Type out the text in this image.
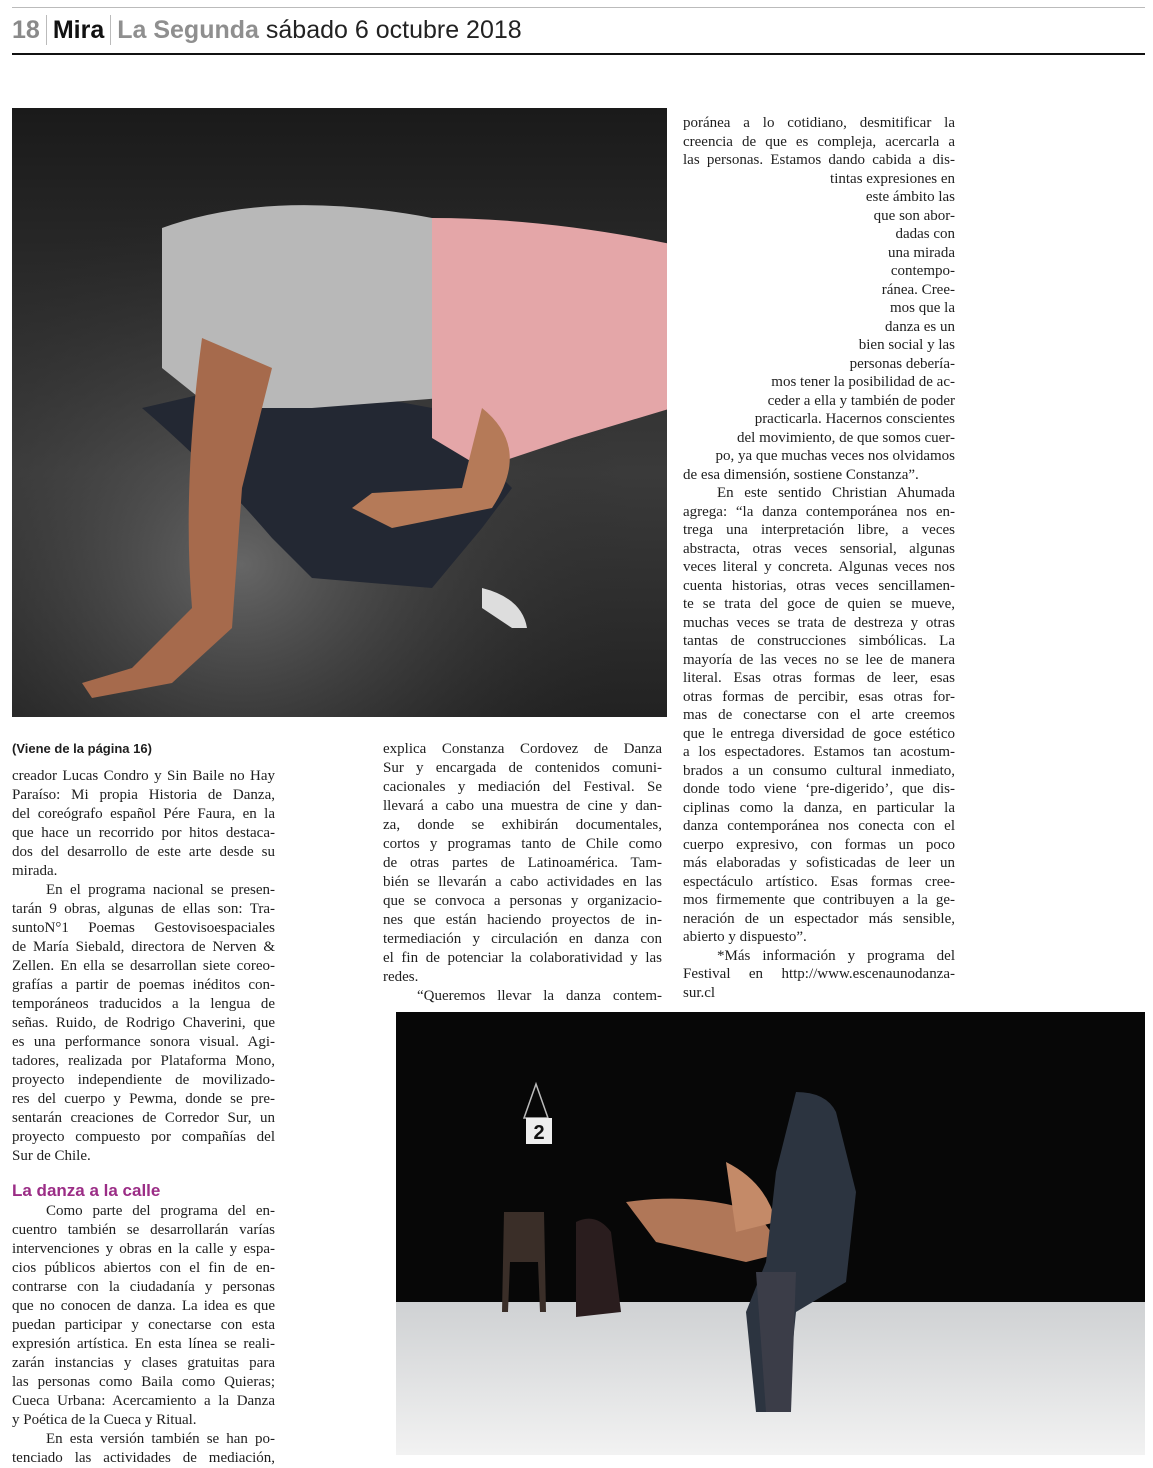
18 Mira La Segunda sábado 6 octubre 2018
(Viene de la página 16)
creador Lucas Condro y Sin Baile no Hay
Paraíso: Mi propia Historia de Danza,
del coreógrafo español Pére Faura, en la
que hace un recorrido por hitos destaca-
dos del desarrollo de este arte desde su
mirada.
En el programa nacional se presen-
tarán 9 obras, algunas de ellas son: Tra-
suntoN°1 Poemas Gestovisoespaciales
de María Siebald, directora de Nerven &
Zellen. En ella se desarrollan siete coreo-
grafías a partir de poemas inéditos con-
temporáneos traducidos a la lengua de
señas. Ruido, de Rodrigo Chaverini, que
es una performance sonora visual. Agi-
tadores, realizada por Plataforma Mono,
proyecto independiente de movilizado-
res del cuerpo y Pewma, donde se pre-
sentarán creaciones de Corredor Sur, un
proyecto compuesto por compañías del
Sur de Chile.
La danza a la calle
Como parte del programa del en-
cuentro también se desarrollarán varías
intervenciones y obras en la calle y espa-
cios públicos abiertos con el fin de en-
contrarse con la ciudadanía y personas
que no conocen de danza. La idea es que
puedan participar y conectarse con esta
expresión artística. En esta línea se reali-
zarán instancias y clases gratuitas para
las personas como Baila como Quieras;
Cueca Urbana: Acercamiento a la Danza
y Poética de la Cueca y Ritual.
En esta versión también se han po-
tenciado las actividades de mediación,
explica Constanza Cordovez de Danza
Sur y encargada de contenidos comuni-
cacionales y mediación del Festival. Se
llevará a cabo una muestra de cine y dan-
za, donde se exhibirán documentales,
cortos y programas tanto de Chile como
de otras partes de Latinoamérica. Tam-
bién se llevarán a cabo actividades en las
que se convoca a personas y organizacio-
nes que están haciendo proyectos de in-
termediación y circulación en danza con
el fin de potenciar la colaboratividad y las
redes.
“Queremos llevar la danza contem-
poránea a lo cotidiano, desmitificar la
creencia de que es compleja, acercarla a
las personas. Estamos dando cabida a dis-
tintas expresiones en
este ámbito las
que son abor-
dadas con
una mirada
contempo-
ránea. Cree-
mos que la
danza es un
bien social y las
personas debería-
mos tener la posibilidad de ac-
ceder a ella y también de poder
practicarla. Hacernos conscientes
del movimiento, de que somos cuer-
po, ya que muchas veces nos olvidamos
de esa dimensión, sostiene Constanza”.
En este sentido Christian Ahumada
agrega: “la danza contemporánea nos en-
trega una interpretación libre, a veces
abstracta, otras veces sensorial, algunas
veces literal y concreta. Algunas veces nos
cuenta historias, otras veces sencillamen-
te se trata del goce de quien se mueve,
muchas veces se trata de destreza y otras
tantas de construcciones simbólicas. La
mayoría de las veces no se lee de manera
literal. Esas otras formas de leer, esas
otras formas de percibir, esas otras for-
mas de conectarse con el arte creemos
que le entrega diversidad de goce estético
a los espectadores. Estamos tan acostum-
brados a un consumo cultural inmediato,
donde todo viene ‘pre-digerido’, que dis-
ciplinas como la danza, en particular la
danza contemporánea nos conecta con el
cuerpo expresivo, con formas un poco
más elaboradas y sofisticadas de leer un
espectáculo artístico. Esas formas cree-
mos firmemente que contribuyen a la ge-
neración de un espectador más sensible,
abierto y dispuesto”.
*Más información y programa del
Festival en http://www.escenaunodanza-
sur.cl
2
